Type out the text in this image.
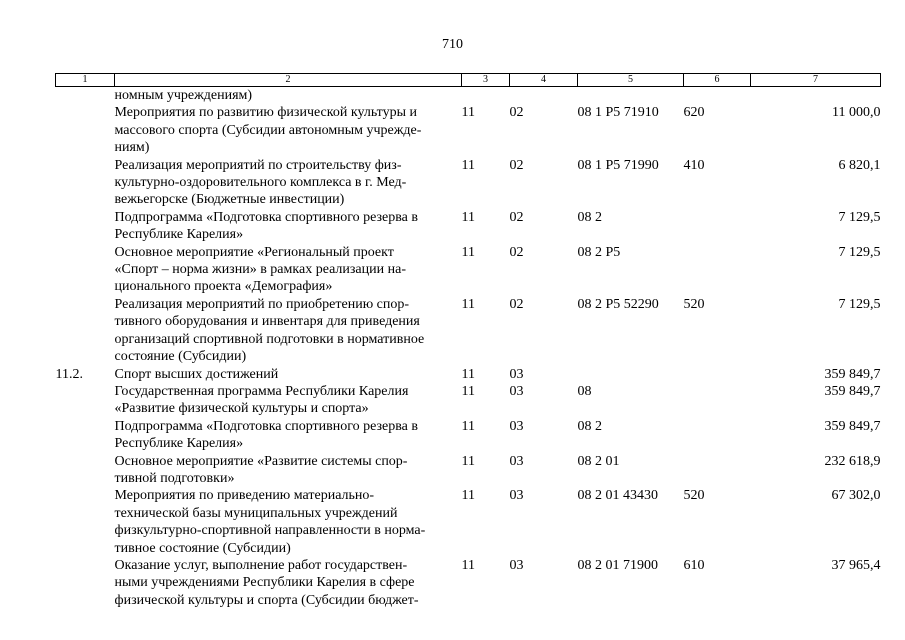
710
1	2	3	4	5	6	7

	номным учреждениям)					

	Мероприятия по развитию физической культуры и
массового спорта (Субсидии автономным учрежде-
ниям)	11	02	08 1 Р5 71910	620	11 000,0

	Реализация мероприятий по строительству физ-
культурно-оздоровительного комплекса в г. Мед-
вежьегорске (Бюджетные инвестиции)	11	02	08 1 Р5 71990	410	6 820,1

	Подпрограмма «Подготовка спортивного резерва в
Республике Карелия»	11	02	08 2		7 129,5

	Основное мероприятие «Региональный проект
«Спорт – норма жизни» в рамках реализации на-
ционального проекта «Демография»	11	02	08 2 Р5		7 129,5

	Реализация мероприятий по приобретению спор-
тивного оборудования и инвентаря для приведения
организаций спортивной подготовки в нормативное
состояние (Субсидии)	11	02	08 2 Р5 52290	520	7 129,5
11.2.	Спорт высших достижений	11	03			359 849,7

	Государственная программа Республики Карелия
«Развитие физической культуры и спорта»	11	03	08		359 849,7

	Подпрограмма «Подготовка спортивного резерва в
Республике Карелия»	11	03	08 2		359 849,7

	Основное мероприятие «Развитие системы спор-
тивной подготовки»	11	03	08 2 01		232 618,9

	Мероприятия по приведению материально-
технической базы муниципальных учреждений
физкультурно-спортивной направленности в норма-
тивное состояние (Субсидии)	11	03	08 2 01 43430	520	67 302,0

	Оказание услуг, выполнение работ государствен-
ными учреждениями Республики Карелия в сфере
физической культуры и спорта (Субсидии бюджет-	11	03	08 2 01 71900	610	37 965,4
